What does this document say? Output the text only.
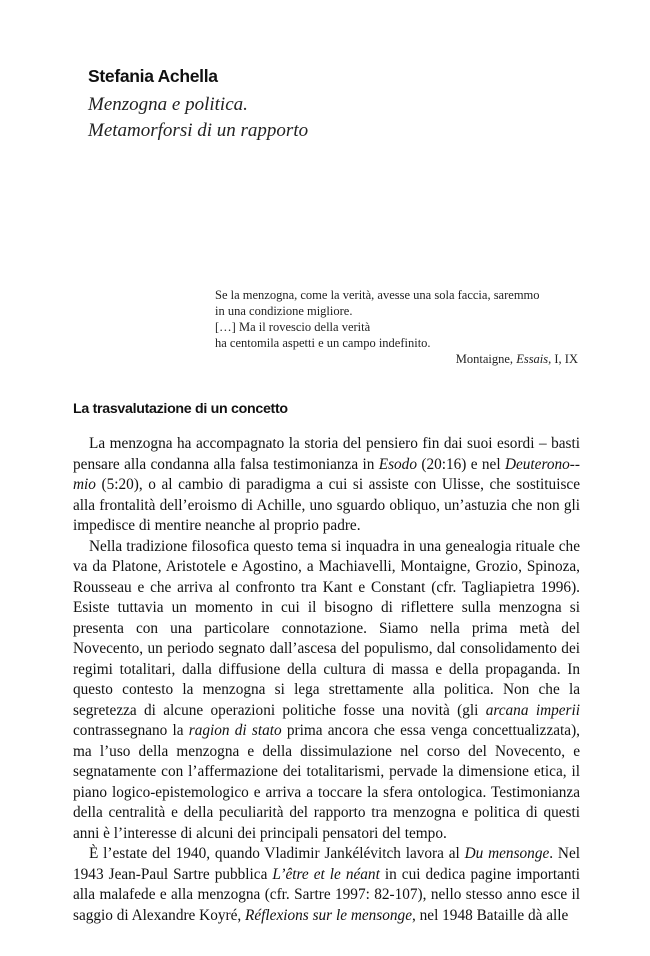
Stefania Achella
Menzogna e politica.
Metamorforsi di un rapporto
Se la menzogna, come la verità, avesse una sola faccia, saremmo
in una condizione migliore.
[…] Ma il rovescio della verità
ha centomila aspetti e un campo indefinito.
Montaigne, Essais, I, IX
La trasvalutazione di un concetto

La menzogna ha accompagnato la storia del pensiero fin dai suoi esordi – basti pensare alla condanna alla falsa testimonianza in Esodo (20:16) e nel Deuterono-mio (5:20), o al cambio di paradigma a cui si assiste con Ulisse, che sostituisce alla frontalità dell’eroismo di Achille, uno sguardo obliquo, un’astuzia che non gli impedisce di mentire neanche al proprio padre.

Nella tradizione filosofica questo tema si inquadra in una genealogia rituale che va da Platone, Aristotele e Agostino, a Machiavelli, Montaigne, Grozio, Spinoza, Rousseau e che arriva al confronto tra Kant e Constant (cfr. Tagliapietra 1996). Esiste tuttavia un momento in cui il bisogno di riflettere sulla menzogna si presenta con una particolare connotazione. Siamo nella prima metà del Novecento, un periodo segnato dall’ascesa del populismo, dal consolidamento dei regimi totalitari, dalla diffusione della cultura di massa e della propaganda. In questo contesto la menzogna si lega strettamente alla politica. Non che la segretezza di alcune operazioni politiche fosse una novità (gli arcana imperii contrassegnano la ragion di stato prima ancora che essa venga concettualizzata), ma l’uso della menzogna e della dissimulazione nel corso del Novecento, e segnatamente con l’affermazione dei totalitarismi, pervade la dimensione etica, il piano logico-epistemologico e arriva a toccare la sfera ontologica. Testimonianza della centralità e della peculiarità del rapporto tra menzogna e politica di questi anni è l’interesse di alcuni dei principali pensatori del tempo.

È l’estate del 1940, quando Vladimir Jankélévitch lavora al Du mensonge. Nel 1943 Jean-Paul Sartre pubblica L’être et le néant in cui dedica pagine importanti alla malafede e alla menzogna (cfr. Sartre 1997: 82-107), nello stesso anno esce il saggio di Alexandre Koyré, Réflexions sur le mensonge, nel 1948 Bataille dà alle
